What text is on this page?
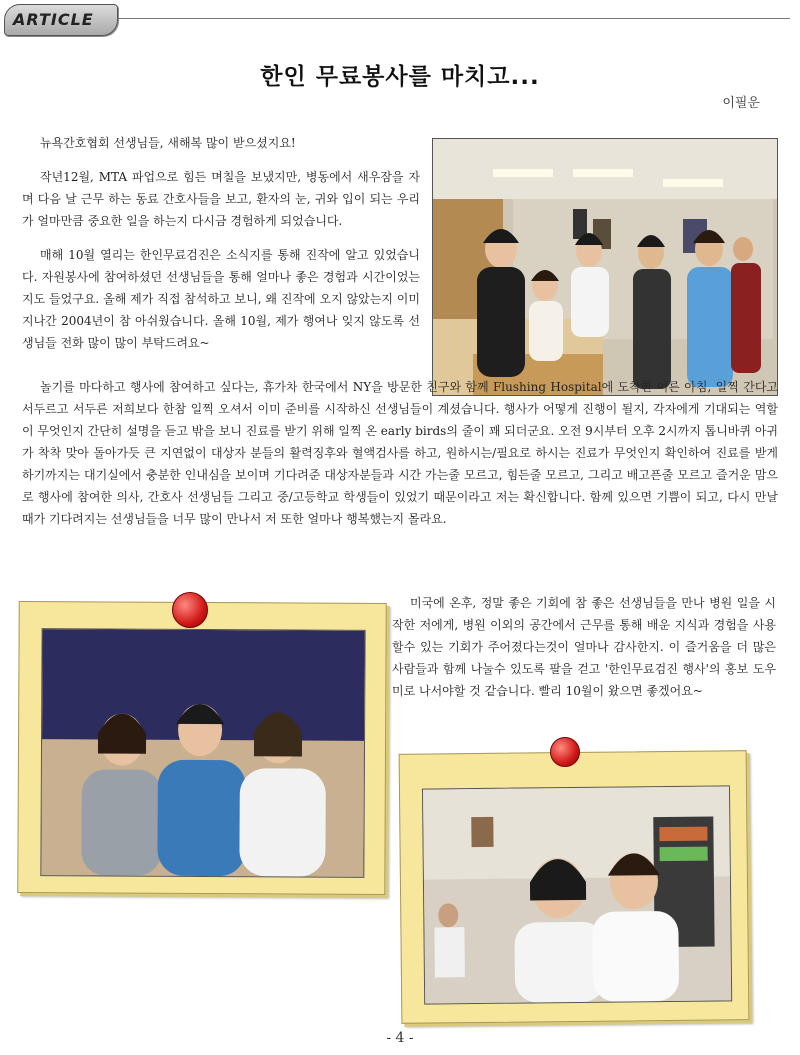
ARTICLE
한인 무료봉사를 마치고...
이필운

뉴욕간호협회 선생님들, 새해복 많이 받으셨지요!

작년12월, MTA 파업으로 힘든 며칠을 보냈지만, 병동에서 새우잠을 자며 다음 날 근무 하는 동료 간호사들을 보고, 환자의 눈, 귀와 입이 되는 우리가 얼마만큼 중요한 일을 하는지 다시금 경험하게 되었습니다.

매해 10월 열리는 한인무료검진은 소식지를 통해 진작에 알고 있었습니다. 자원봉사에 참여하셨던 선생님들을 통해 얼마나 좋은 경험과 시간이었는지도 들었구요. 올해 제가 직접 참석하고 보니, 왜 진작에 오지 않았는지 이미 지나간 2004년이 참 아쉬웠습니다. 올해 10월, 제가 행여나 잊지 않도록 선생님들 전화 많이 많이 부탁드려요~

놀기를 마다하고 행사에 참여하고 싶다는, 휴가차 한국에서 NY을 방문한 친구와 함께 Flushing Hospital에 도착한 이른 아침, 일찍 간다고 서두르고 서두른 저희보다 한참 일찍 오셔서 이미 준비를 시작하신 선생님들이 계셨습니다. 행사가 어떻게 진행이 될지, 각자에게 기대되는 역할이 무엇인지 간단히 설명을 듣고 밖을 보니 진료를 받기 위해 일찍 온 early birds의 줄이 꽤 되더군요. 오전 9시부터 오후 2시까지 톱니바퀴 아귀가 착착 맞아 돌아가듯 큰 지연없이 대상자 분들의 활력징후와 혈액검사를 하고, 원하시는/필요로 하시는 진료가 무엇인지 확인하여 진료를 받게 하기까지는 대기실에서 충분한 인내심을 보이며 기다려준 대상자분들과 시간 가는줄 모르고, 힘든줄 모르고, 그리고 배고픈줄 모르고 즐거운 맘으로 행사에 참여한 의사, 간호사 선생님들 그리고 중/고등학교 학생들이 있었기 때문이라고 저는 확신합니다. 함께 있으면 기쁨이 되고, 다시 만날 때가 기다려지는 선생님들을 너무 많이 만나서 저 또한 얼마나 행복했는지 몰라요.

미국에 온후, 정말 좋은 기회에 참 좋은 선생님들을 만나 병원 일을 시작한 저에게, 병원 이외의 공간에서 근무를 통해 배운 지식과 경험을 사용할수 있는 기회가 주어졌다는것이 얼마나 감사한지. 이 즐거움을 더 많은 사람들과 함께 나눌수 있도록 팔을 걷고 '한인무료검진 행사'의 홍보 도우미로 나서야할 것 같습니다. 빨리 10월이 왔으면 좋겠어요~

- 4 -
